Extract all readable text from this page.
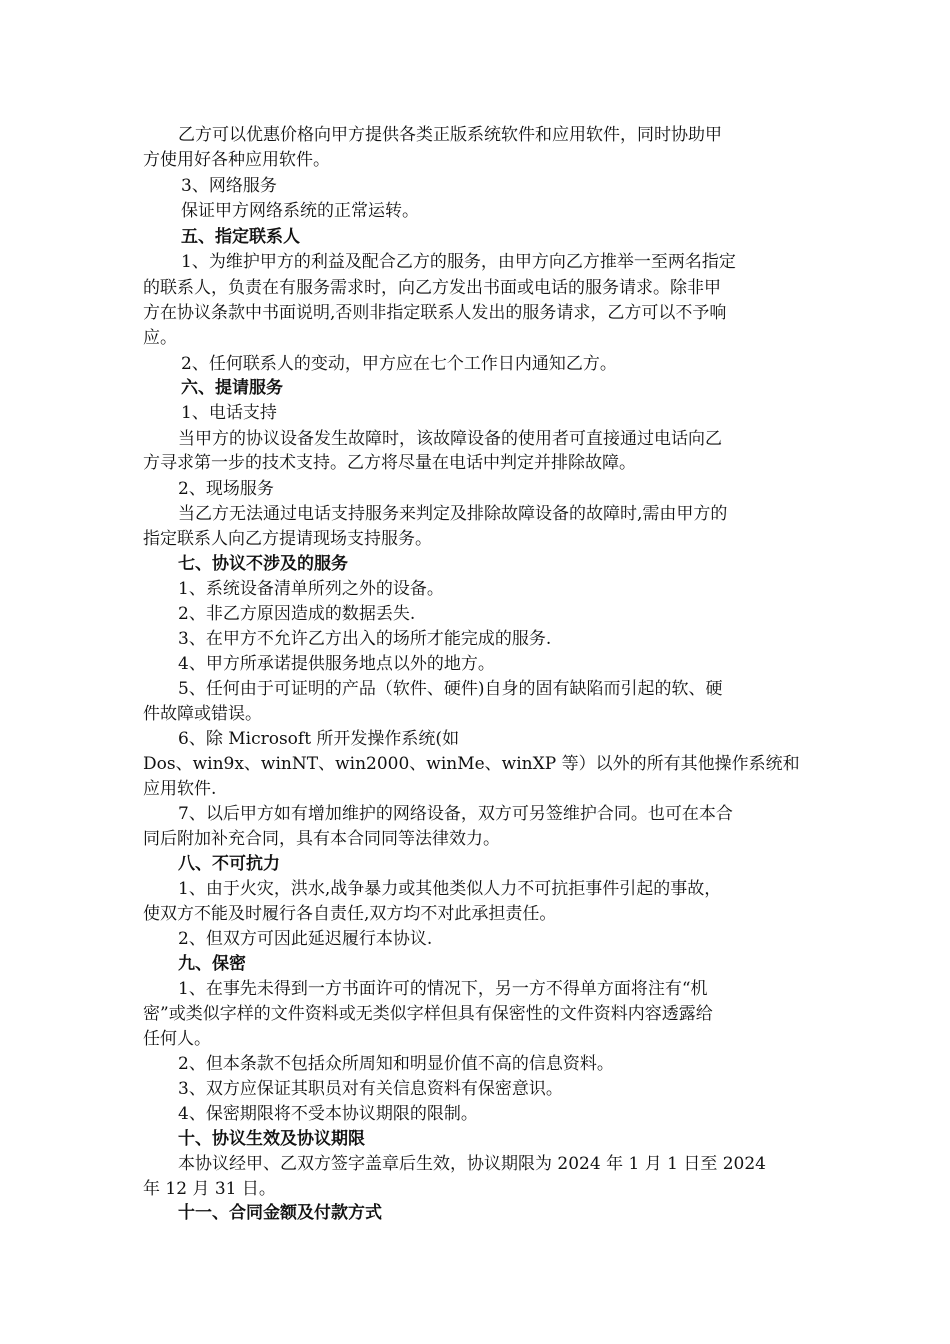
乙方可以优惠价格向甲方提供各类正版系统软件和应用软件，同时协助甲
方使用好各种应用软件。
3、网络服务
保证甲方网络系统的正常运转。
五、指定联系人
1、为维护甲方的利益及配合乙方的服务，由甲方向乙方推举一至两名指定
的联系人，负责在有服务需求时，向乙方发出书面或电话的服务请求。除非甲
方在协议条款中书面说明,否则非指定联系人发出的服务请求，乙方可以不予响
应。
2、任何联系人的变动，甲方应在七个工作日内通知乙方。
六、提请服务
1、电话支持
当甲方的协议设备发生故障时，该故障设备的使用者可直接通过电话向乙
方寻求第一步的技术支持。乙方将尽量在电话中判定并排除故障。
2、现场服务
当乙方无法通过电话支持服务来判定及排除故障设备的故障时,需由甲方的
指定联系人向乙方提请现场支持服务。
七、协议不涉及的服务
1、系统设备清单所列之外的设备。
2、非乙方原因造成的数据丢失.
3、在甲方不允许乙方出入的场所才能完成的服务.
4、甲方所承诺提供服务地点以外的地方。
5、任何由于可证明的产品（软件、硬件)自身的固有缺陷而引起的软、硬
件故障或错误。
6、除 Microsoft 所开发操作系统(如
Dos、win9x、winNT、win2000、winMe、winXP 等）以外的所有其他操作系统和
应用软件.
7、以后甲方如有增加维护的网络设备，双方可另签维护合同。也可在本合
同后附加补充合同，具有本合同同等法律效力。
八、不可抗力
1、由于火灾，洪水,战争暴力或其他类似人力不可抗拒事件引起的事故，
使双方不能及时履行各自责任,双方均不对此承担责任。
2、但双方可因此延迟履行本协议.
九、保密
1、在事先未得到一方书面许可的情况下，另一方不得单方面将注有“机
密”或类似字样的文件资料或无类似字样但具有保密性的文件资料内容透露给
任何人。
2、但本条款不包括众所周知和明显价值不高的信息资料。
3、双方应保证其职员对有关信息资料有保密意识。
4、保密期限将不受本协议期限的限制。
十、协议生效及协议期限
本协议经甲、乙双方签字盖章后生效，协议期限为 2024 年 1 月 1 日至 2024
年 12 月 31 日。
十一、合同金额及付款方式
